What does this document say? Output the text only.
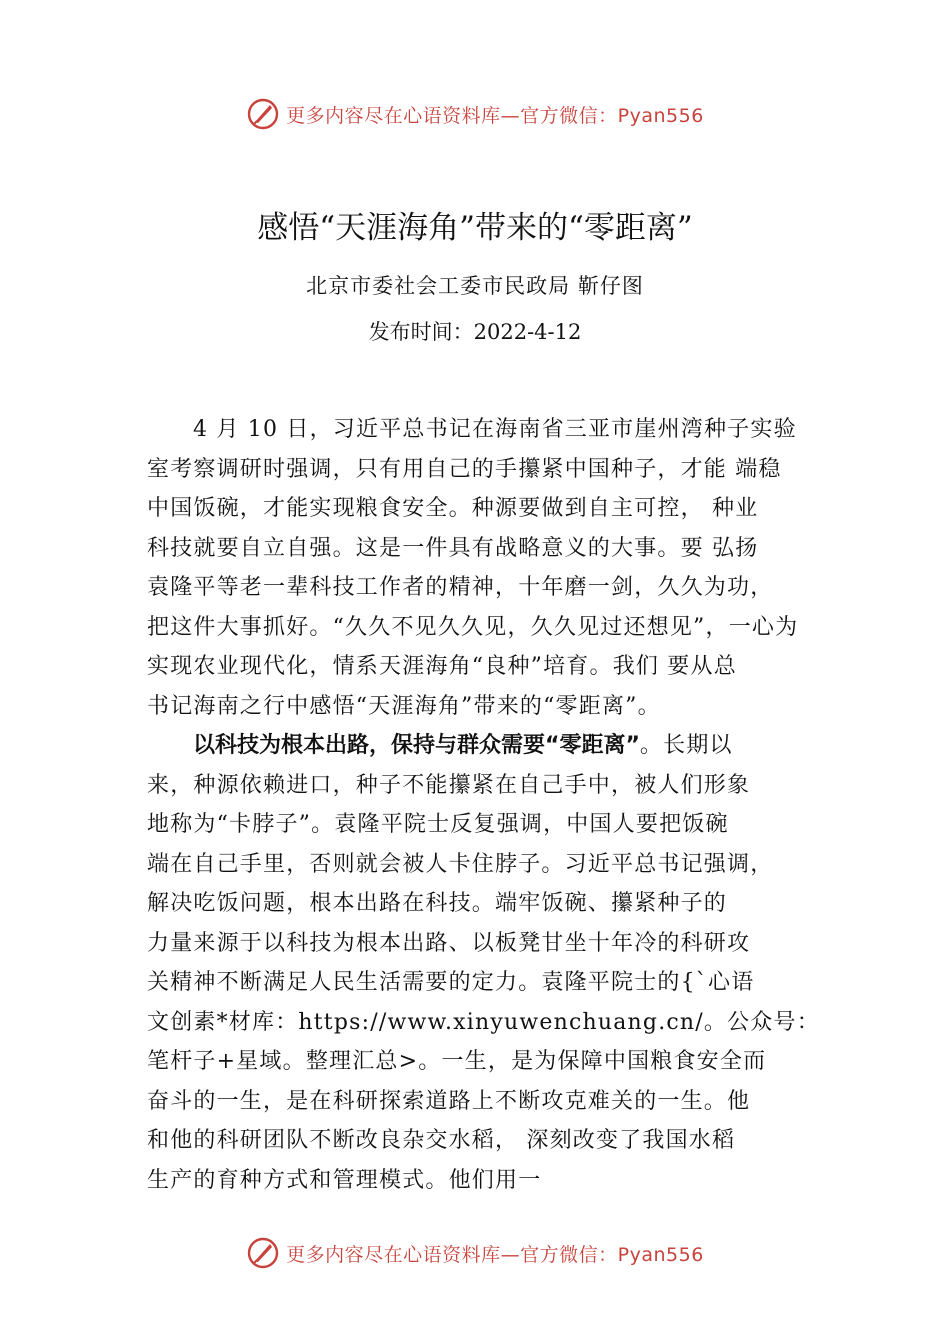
更多内容尽在心语资料库—官方微信：Pyan556
感悟“天涯海角”带来的“零距离”
北京市委社会工委市民政局 靳仔图
发布时间：2022-4-12
4 月 10 日，习近平总书记在海南省三亚市崖州湾种子实验
室考察调研时强调，只有用自己的手攥紧中国种子，才能 端稳
中国饭碗，才能实现粮食安全。种源要做到自主可控， 种业
科技就要自立自强。这是一件具有战略意义的大事。要 弘扬
袁隆平等老一辈科技工作者的精神，十年磨一剑，久久为功，
把这件大事抓好。“久久不见久久见，久久见过还想见”，一心为
实现农业现代化，情系天涯海角“良种”培育。我们 要从总
书记海南之行中感悟“天涯海角”带来的“零距离”。
以科技为根本出路，保持与群众需要“零距离”。长期以
来，种源依赖进口，种子不能攥紧在自己手中，被人们形象
地称为“卡脖子”。袁隆平院士反复强调，中国人要把饭碗
端在自己手里，否则就会被人卡住脖子。习近平总书记强调，
解决吃饭问题，根本出路在科技。端牢饭碗、攥紧种子的
力量来源于以科技为根本出路、以板凳甘坐十年冷的科研攻
关精神不断满足人民生活需要的定力。袁隆平院士的{`心语
文创素*材库：https://www.xinyuwenchuang.cn/。公众号：
笔杆子+星域。整理汇总>。一生，是为保障中国粮食安全而
奋斗的一生，是在科研探索道路上不断攻克难关的一生。他
和他的科研团队不断改良杂交水稻， 深刻改变了我国水稻
生产的育种方式和管理模式。他们用一
更多内容尽在心语资料库—官方微信：Pyan556
